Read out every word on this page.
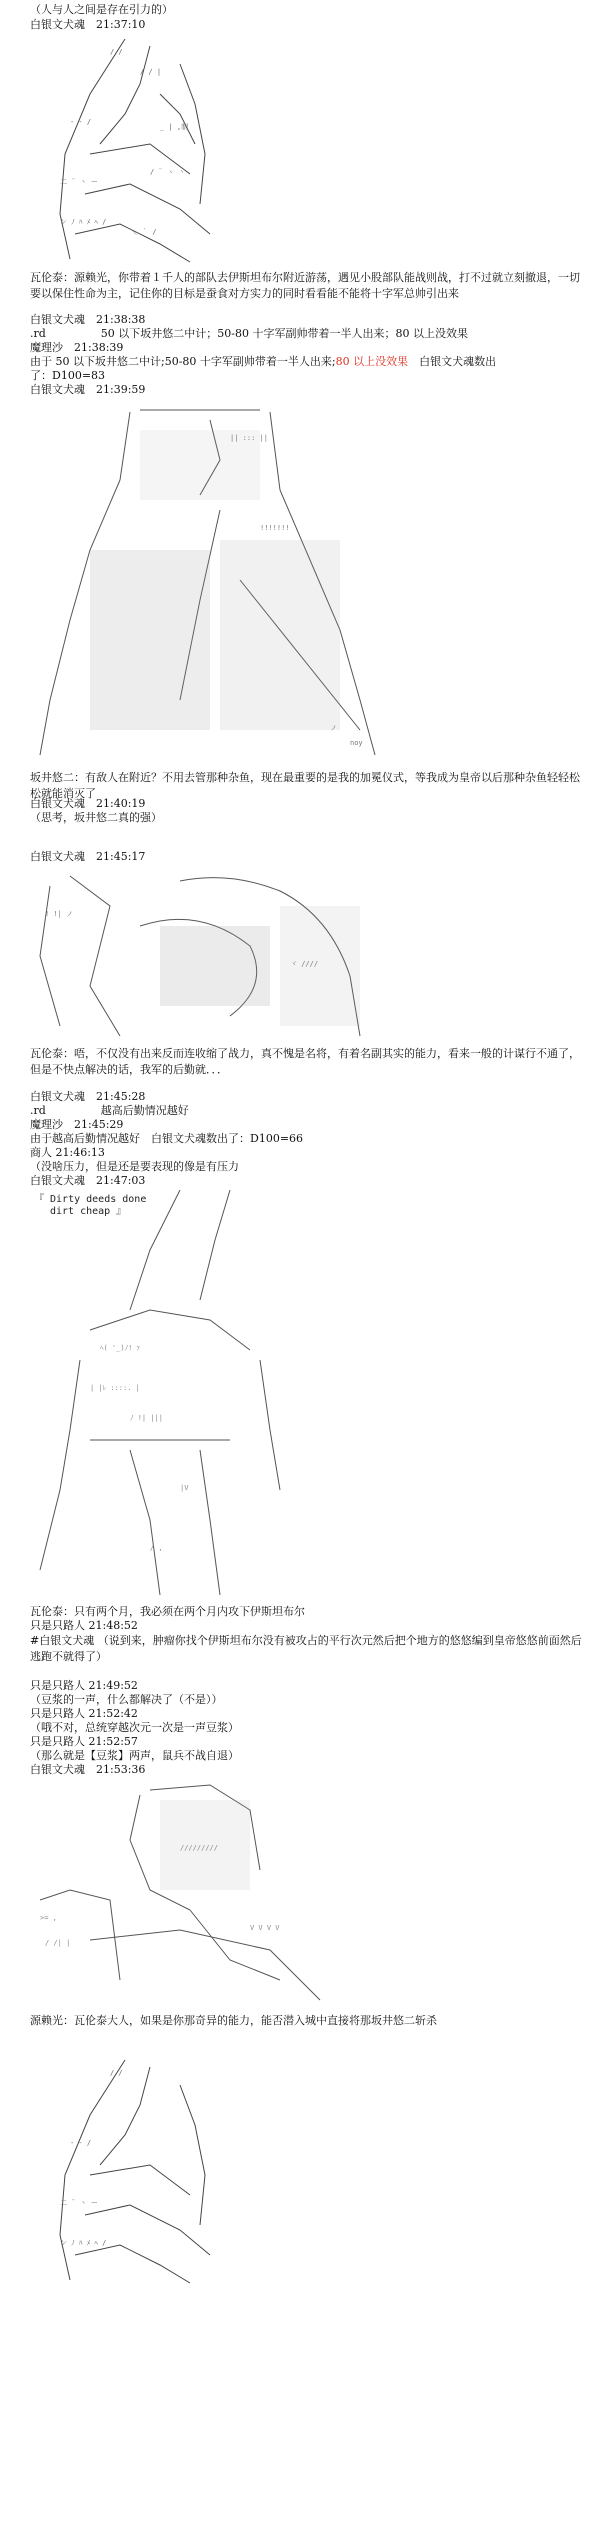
（人与人之间是存在引力的）
白银文犬魂　21:37:10
/ /
/ / |
- ‐ /
_ | ,制
二 ¨ 丶 ー
/ ¨ ヽ 丶
ン ﾉ ﾊ ﾒ ﾍ /
＼ ｀ /
瓦伦泰：源赖光，你带着１千人的部队去伊斯坦布尔附近游荡，遇见小股部队能战则战，打不过就立刻撤退，一切要以保住性命为主，记住你的目标是蚕食对方实力的同时看看能不能将十字军总帅引出来
白银文犬魂　21:38:38
.rd　　　　　50 以下坂井悠二中计；50-80 十字军副帅带着一半人出来；80 以上没效果
魔理沙　21:38:39
由于 50 以下坂井悠二中计;50-80 十字军副帅带着一半人出来;80 以上没效果　白银文犬魂数出
了：D100=83
白银文犬魂　21:39:59
|| ::: ||
!!!!!!!
ノ
noy
坂井悠二：有敌人在附近？不用去管那种杂鱼，现在最重要的是我的加冕仪式，等我成为皇帝以后那种杂鱼轻轻松松就能消灭了
白银文犬魂　21:40:19
（思考，坂井悠二真的强）
白银文犬魂　21:45:17
! !| ノ
ヾ ////
瓦伦泰：唔，不仅没有出来反而连收缩了战力，真不愧是名将，有着名副其实的能力，看来一般的计谋行不通了，但是不快点解决的话，我军的后勤就．．．
白银文犬魂　21:45:28
.rd　　　　　越高后勤情况越好
魔理沙　21:45:29
由于越高后勤情况越好　白银文犬魂数出了：D100=66
商人 21:46:13
（没啥压力，但是还是要表现的像是有压力
白银文犬魂　21:47:03
『 Dirty deeds done
dirt cheap 』
ﾍ( '_)ﾉ! ｧ
| |ﾚ ::::. |
ﾉ !| |||
|V
/ ,
瓦伦泰：只有两个月，我必须在两个月内攻下伊斯坦布尔
只是只路人 21:48:52
#白银文犬魂 （说到来，肿瘤你找个伊斯坦布尔没有被攻占的平行次元然后把个地方的悠悠编到皇帝悠悠前面然后逃跑不就得了）
只是只路人 21:49:52
（豆浆的一声，什么都解决了（不是））
只是只路人 21:52:42
（哦不对，总统穿越次元一次是一声豆浆）
只是只路人 21:52:57
（那么就是【豆浆】两声，鼠兵不战自退）
白银文犬魂　21:53:36
>= ,
/ /| |
/////////
V V V V
源赖光：瓦伦泰大人，如果是你那奇异的能力，能否潜入城中直接将那坂井悠二斩杀
/ /
- ‐ /
二 ¨ 丶 ー
ン ﾉ ﾊ ﾒ ﾍ /
